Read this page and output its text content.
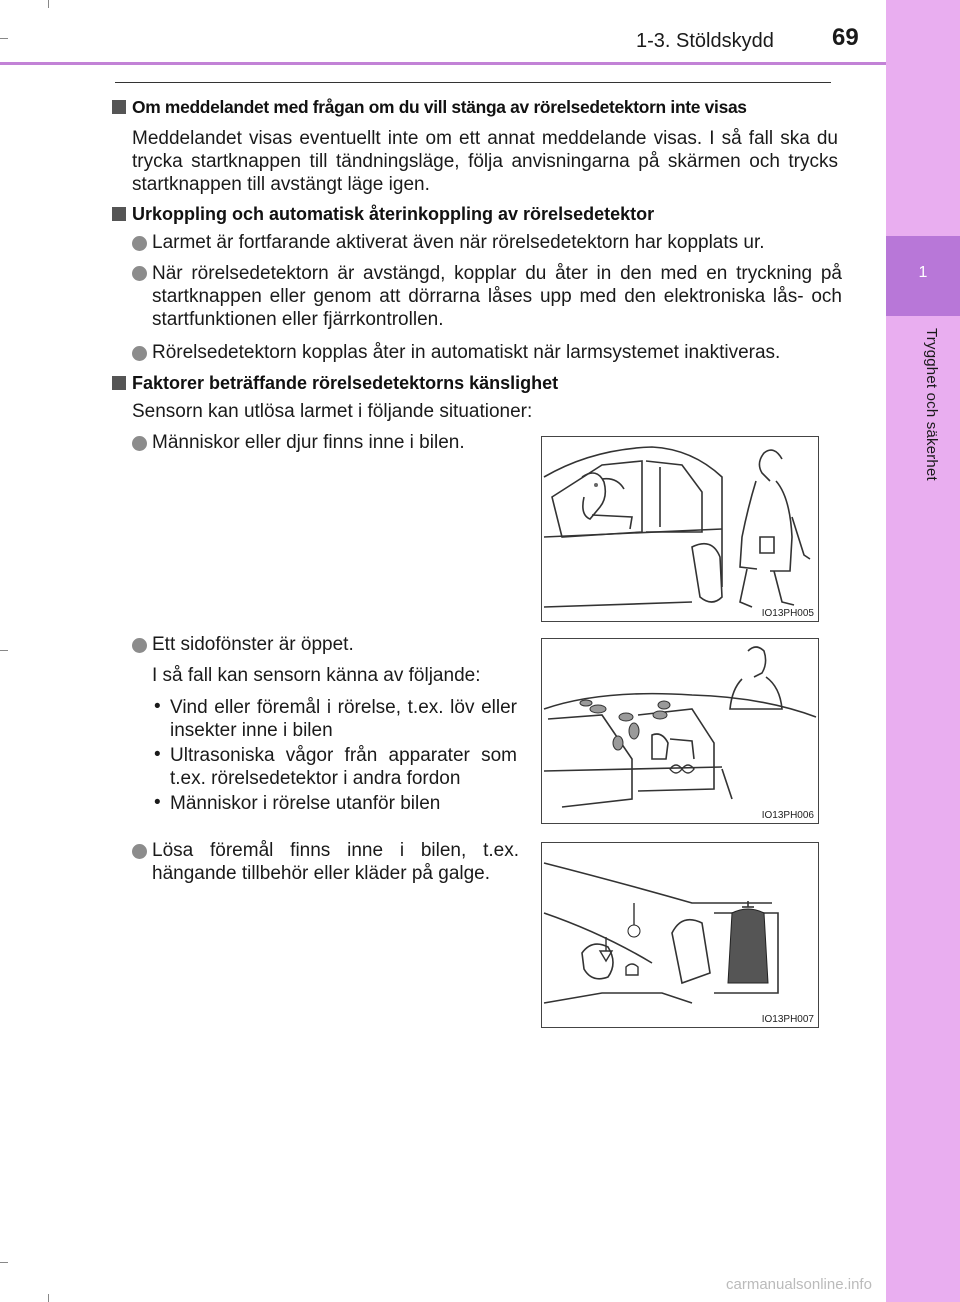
1
Trygghet och säkerhet
1-3. Stöldskydd 69
Om meddelandet med frågan om du vill stänga av rörelsedetektorn inte visas
Meddelandet visas eventuellt inte om ett annat meddelande visas. I så fall ska du trycka startknappen till tändningsläge, följa anvisningarna på skärmen och trycks startknappen till avstängt läge igen.
Urkoppling och automatisk återinkoppling av rörelsedetektor
Larmet är fortfarande aktiverat även när rörelsedetektorn har kopplats ur.
När rörelsedetektorn är avstängd, kopplar du åter in den med en tryckning på startknappen eller genom att dörrarna låses upp med den elektroniska lås- och startfunktionen eller fjärrkontrollen.
Rörelsedetektorn kopplas åter in automatiskt när larmsystemet inaktiveras.
Faktorer beträffande rörelsedetektorns känslighet
Sensorn kan utlösa larmet i följande situationer:
Människor eller djur finns inne i bilen.
Ett sidofönster är öppet.
I så fall kan sensorn känna av följande:
• Vind eller föremål i rörelse, t.ex. löv eller insekter inne i bilen
• Ultrasoniska vågor från apparater som t.ex. rörelsedetektor i andra fordon
• Människor i rörelse utanför bilen
Lösa föremål finns inne i bilen, t.ex. hängande tillbehör eller kläder på galge.
IO13PH005
IO13PH006
IO13PH007
carmanualsonline.info
